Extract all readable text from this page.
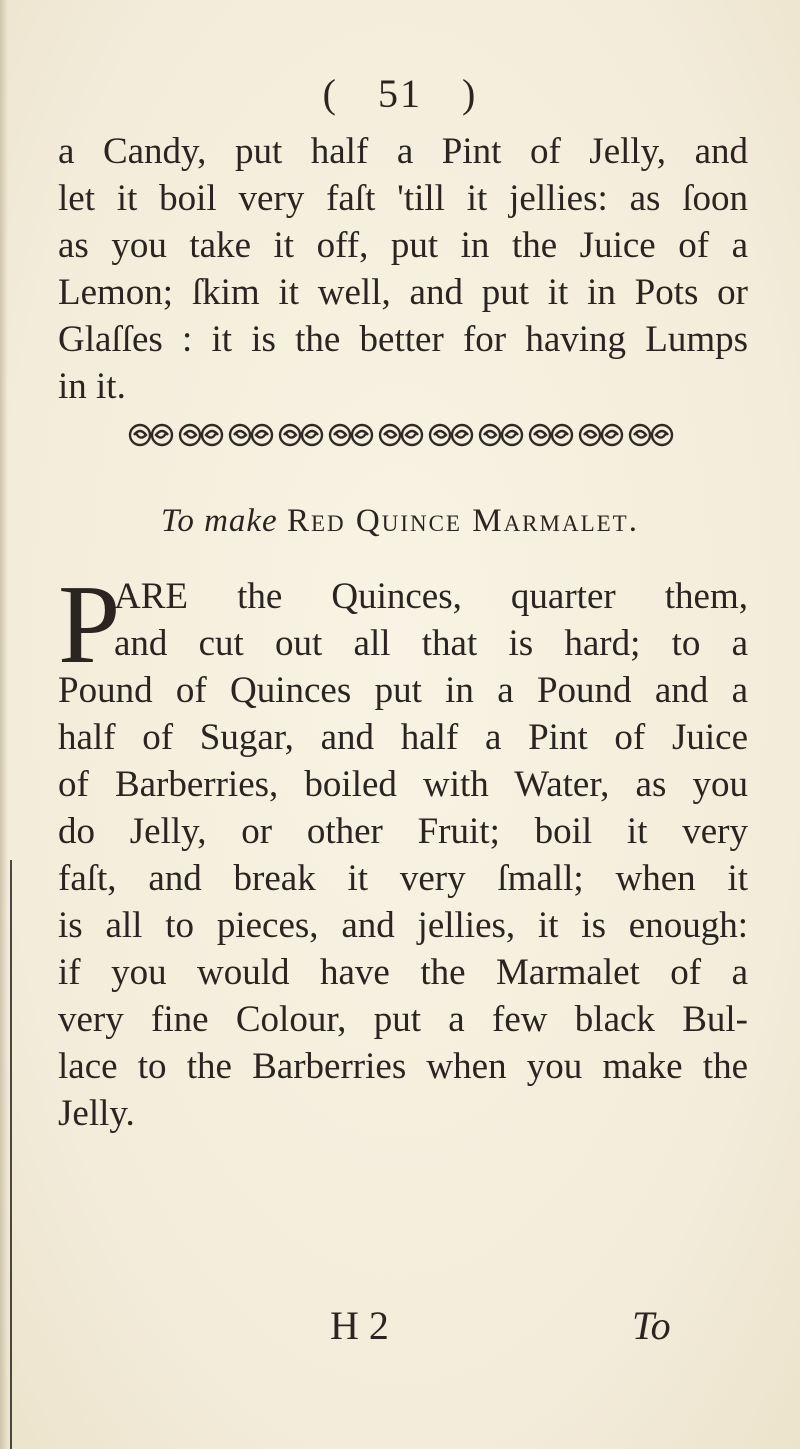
( 51 )
a Candy, put half a Pint of Jelly, and
let it boil very faſt 'till it jellies: as ſoon
as you take it off, put in the Juice of a
Lemon; ſkim it well, and put it in Pots or
Glaſſes : it is the better for having Lumps
in it.
To make Red Quince Marmalet.
P
ARE the Quinces, quarter them,
and cut out all that is hard; to a
Pound of Quinces put in a Pound and a
half of Sugar, and half a Pint of Juice
of Barberries, boiled with Water, as you
do Jelly, or other Fruit; boil it very
faſt, and break it very ſmall; when it
is all to pieces, and jellies, it is enough:
if you would have the Marmalet of a
very fine Colour, put a few black Bul-
lace to the Barberries when you make the
Jelly.
H 2	To
